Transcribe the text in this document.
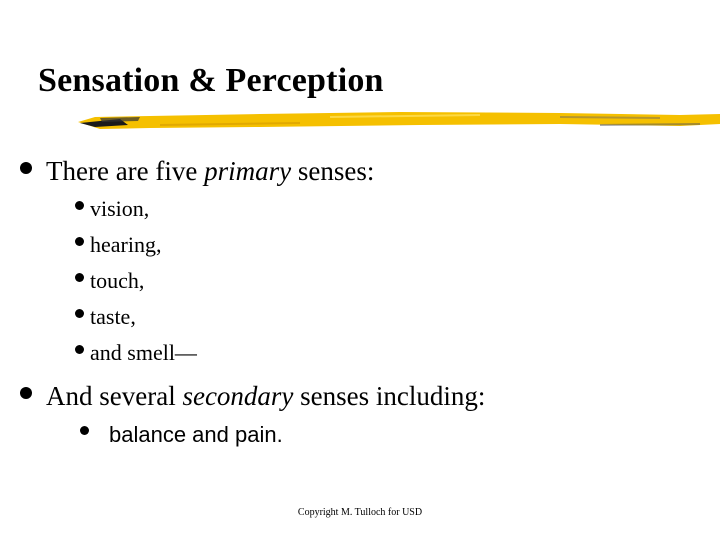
Sensation & Perception
There are five primary senses:
vision,
hearing,
touch,
taste,
and smell—
And several secondary senses including:
balance and pain.
Copyright M. Tulloch for USD
